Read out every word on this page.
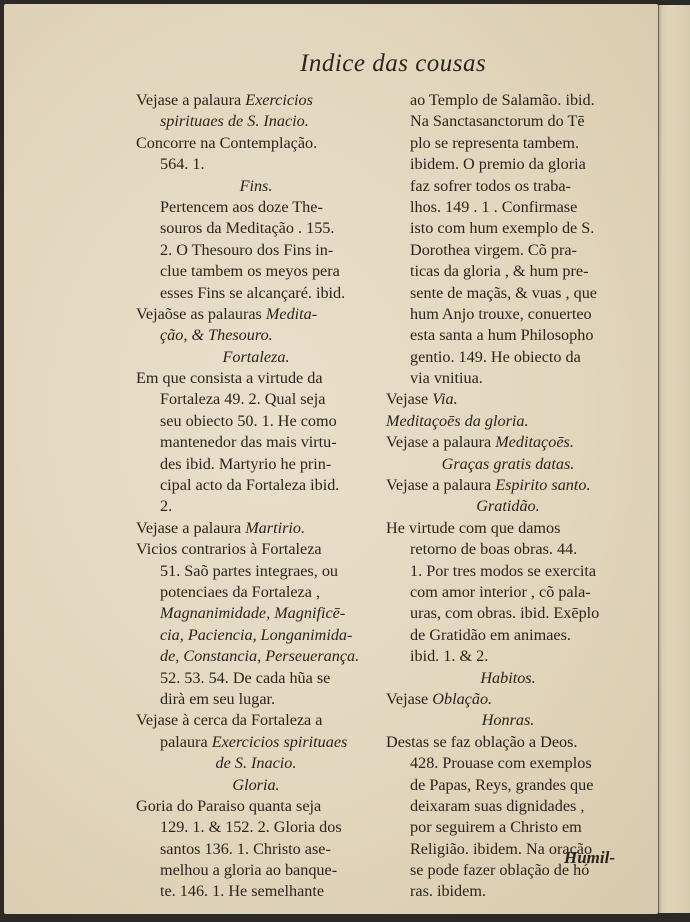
Indice das cousas
Vejase a palaura Exercicios
spirituaes de S. Inacio.
Concorre na Contemplação.
564. 1.
Fins.
Pertencem aos doze The-
souros da Meditação . 155.
2. O Thesouro dos Fins in-
clue tambem os meyos pera
esses Fins se alcançaré. ibid.
Vejaõse as palauras Medita-
ção, & Thesouro.
Fortaleza.
Em que consista a virtude da
Fortaleza 49. 2. Qual seja
seu obiecto 50. 1. He como
mantenedor das mais virtu-
des ibid. Martyrio he prin-
cipal acto da Fortaleza ibid.
2.
Vejase a palaura Martirio.
Vicios contrarios à Fortaleza
51. Saõ partes integraes, ou
potenciaes da Fortaleza ,
Magnanimidade, Magnificē-
cia, Paciencia, Longanimida-
de, Constancia, Perseuerança.
52. 53. 54. De cada hũa se
dirà em seu lugar.
Vejase à cerca da Fortaleza a
palaura Exercicios spirituaes
de S. Inacio.
Gloria.
Goria do Paraiso quanta seja
129. 1. & 152. 2. Gloria dos
santos 136. 1. Christo ase-
melhou a gloria ao banque-
te. 146. 1. He semelhante
ao Templo de Salamão. ibid.
Na Sanctasanctorum do Tē
plo se representa tambem.
ibidem. O premio da gloria
faz sofrer todos os traba-
lhos. 149 . 1 . Confirmase
isto com hum exemplo de S.
Dorothea virgem. Cõ pra-
ticas da gloria , & hum pre-
sente de maçãs, & vuas , que
hum Anjo trouxe, conuerteo
esta santa a hum Philosopho
gentio. 149. He obiecto da
via vnitiua.
Vejase Via.
Meditaçoēs da gloria.
Vejase a palaura Meditaçoēs.
Graças gratis datas.
Vejase a palaura Espirito santo.
Gratidão.
He virtude com que damos
retorno de boas obras. 44.
1. Por tres modos se exercita
com amor interior , cõ pala-
uras, com obras. ibid. Exēplo
de Gratidão em animaes.
ibid. 1. & 2.
Habitos.
Vejase Oblação.
Honras.
Destas se faz oblação a Deos.
428. Prouase com exemplos
de Papas, Reys, grandes que
deixaram suas dignidades ,
por seguirem a Christo em
Religião. ibidem. Na oração
se pode fazer oblação de hó
ras. ibidem.
Humil-
